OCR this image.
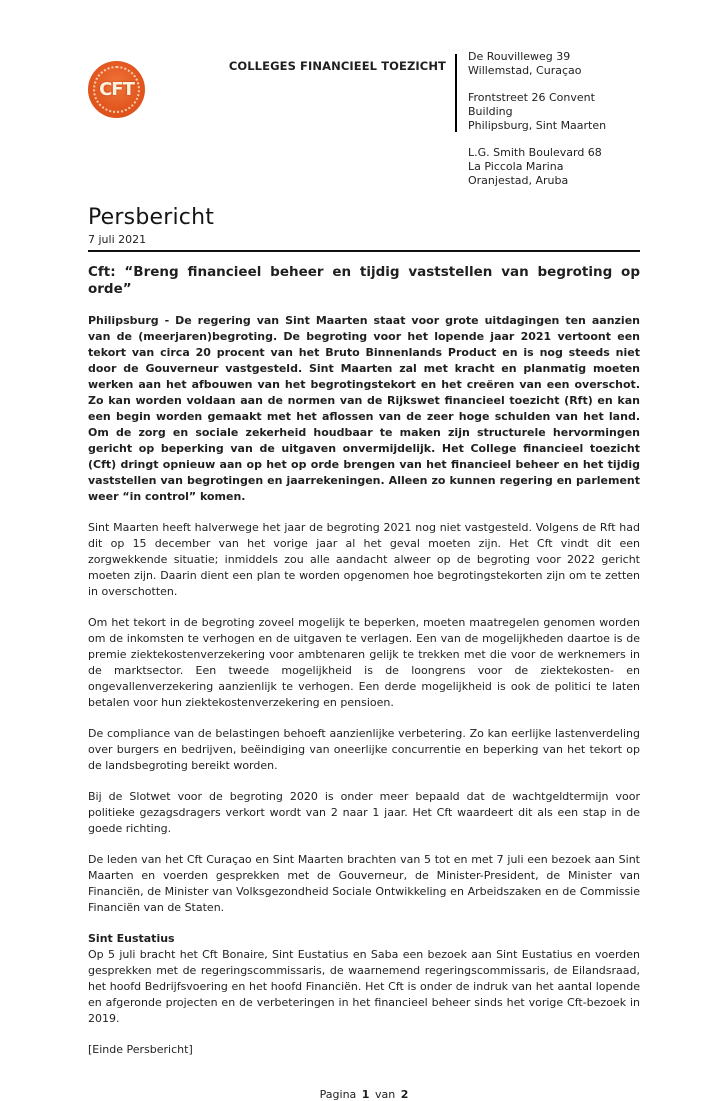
CFT
COLLEGES FINANCIEEL TOEZICHT
De Rouvilleweg 39
Willemstad, Curaçao
Frontstreet 26 Convent Building
Philipsburg, Sint Maarten
L.G. Smith Boulevard 68
La Piccola Marina
Oranjestad, Aruba
Persbericht
7 juli 2021
Cft: “Breng financieel beheer en tijdig vaststellen van begroting op orde”

Philipsburg - De regering van Sint Maarten staat voor grote uitdagingen ten aanzien van de (meerjaren)begroting. De begroting voor het lopende jaar 2021 vertoont een tekort van circa 20 procent van het Bruto Binnenlands Product en is nog steeds niet door de Gouverneur vastgesteld. Sint Maarten zal met kracht en planmatig moeten werken aan het afbouwen van het begrotingstekort en het creëren van een overschot. Zo kan worden voldaan aan de normen van de Rijkswet financieel toezicht (Rft) en kan een begin worden gemaakt met het aflossen van de zeer hoge schulden van het land. Om de zorg en sociale zekerheid houdbaar te maken zijn structurele hervormingen gericht op beperking van de uitgaven onvermijdelijk. Het College financieel toezicht (Cft) dringt opnieuw aan op het op orde brengen van het financieel beheer en het tijdig vaststellen van begrotingen en jaarrekeningen. Alleen zo kunnen regering en parlement weer “in control” komen.

Sint Maarten heeft halverwege het jaar de begroting 2021 nog niet vastgesteld. Volgens de Rft had dit op 15 december van het vorige jaar al het geval moeten zijn. Het Cft vindt dit een zorgwekkende situatie; inmiddels zou alle aandacht alweer op de begroting voor 2022 gericht moeten zijn. Daarin dient een plan te worden opgenomen hoe begrotingstekorten zijn om te zetten in overschotten.

Om het tekort in de begroting zoveel mogelijk te beperken, moeten maatregelen genomen worden om de inkomsten te verhogen en de uitgaven te verlagen. Een van de mogelijkheden daartoe is de premie ziektekostenverzekering voor ambtenaren gelijk te trekken met die voor de werknemers in de marktsector. Een tweede mogelijkheid is de loongrens voor de ziektekosten- en ongevallenverzekering aanzienlijk te verhogen. Een derde mogelijkheid is ook de politici te laten betalen voor hun ziektekostenverzekering en pensioen.

De compliance van de belastingen behoeft aanzienlijke verbetering. Zo kan eerlijke lastenverdeling over burgers en bedrijven, beëindiging van oneerlijke concurrentie en beperking van het tekort op de landsbegroting bereikt worden.

Bij de Slotwet voor de begroting 2020 is onder meer bepaald dat de wachtgeldtermijn voor politieke gezagsdragers verkort wordt van 2 naar 1 jaar. Het Cft waardeert dit als een stap in de goede richting.

De leden van het Cft Curaçao en Sint Maarten brachten van 5 tot en met 7 juli een bezoek aan Sint Maarten en voerden gesprekken met de Gouverneur, de Minister-President, de Minister van Financiën, de Minister van Volksgezondheid Sociale Ontwikkeling en Arbeidszaken en de Commissie Financiën van de Staten.

Sint Eustatius

Op 5 juli bracht het Cft Bonaire, Sint Eustatius en Saba een bezoek aan Sint Eustatius en voerden gesprekken met de regeringscommissaris, de waarnemend regeringscommissaris, de Eilandsraad, het hoofd Bedrijfsvoering en het hoofd Financiën. Het Cft is onder de indruk van het aantal lopende en afgeronde projecten en de verbeteringen in het financieel beheer sinds het vorige Cft-bezoek in 2019.

[Einde Persbericht]

Pagina 1 van 2
